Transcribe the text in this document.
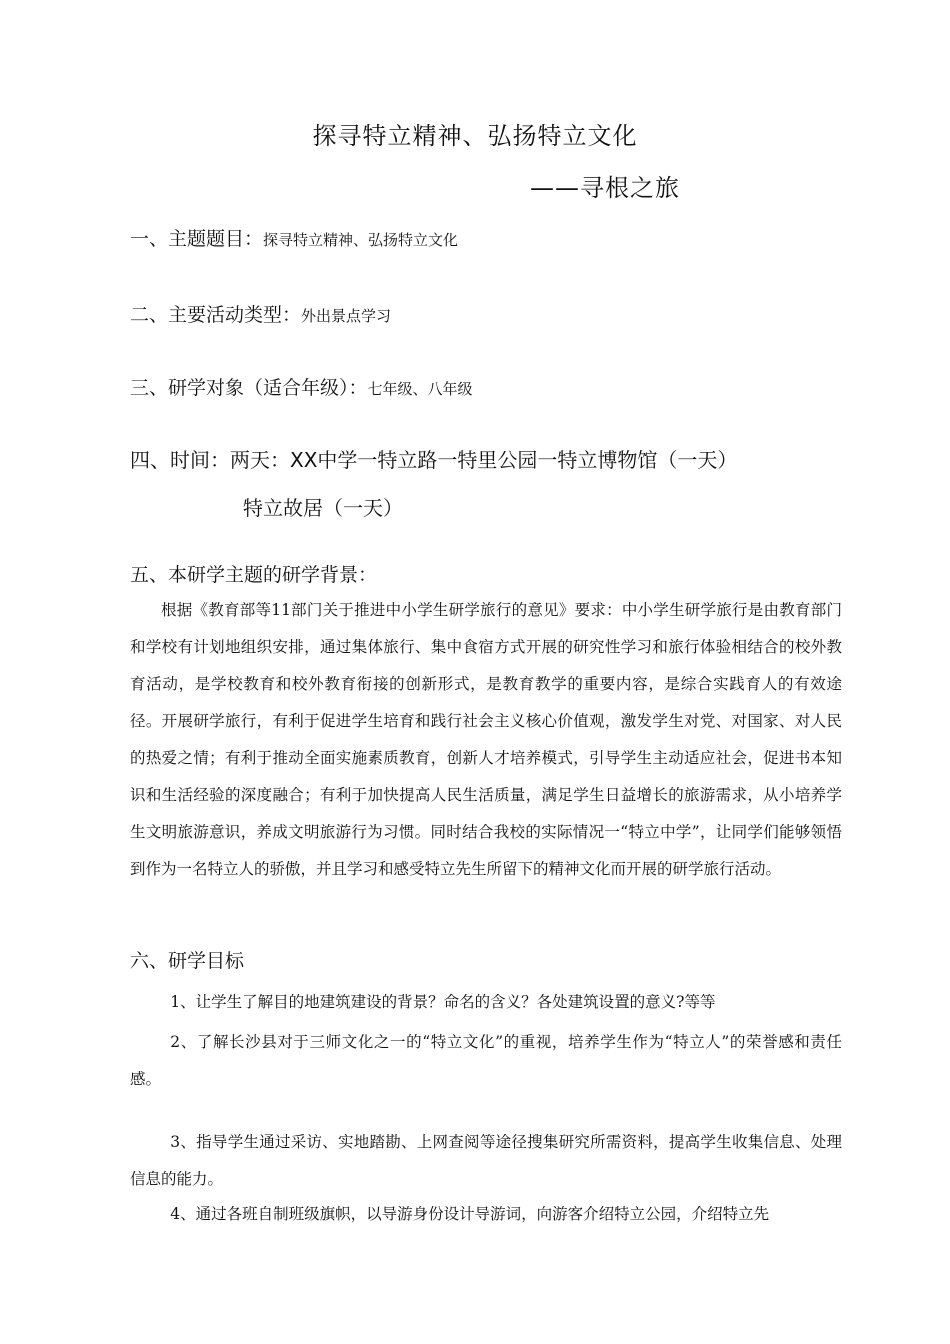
探寻特立精神、弘扬特立文化
——寻根之旅
一、主题题目：探寻特立精神、弘扬特立文化
二、主要活动类型：外出景点学习
三、研学对象（适合年级）：七年级、八年级
四、时间：两天：XX中学一特立路一特里公园一特立博物馆（一天）
特立故居（一天）
五、本研学主题的研学背景：
根据《教育部等11部门关于推进中小学生研学旅行的意见》要求：中小学生研学旅行是由教育部门和学校有计划地组织安排，通过集体旅行、集中食宿方式开展的研究性学习和旅行体验相结合的校外教育活动，是学校教育和校外教育衔接的创新形式，是教育教学的重要内容，是综合实践育人的有效途径。开展研学旅行，有利于促进学生培育和践行社会主义核心价值观，激发学生对党、对国家、对人民的热爱之情；有利于推动全面实施素质教育，创新人才培养模式，引导学生主动适应社会，促进书本知识和生活经验的深度融合；有利于加快提高人民生活质量，满足学生日益增长的旅游需求，从小培养学生文明旅游意识，养成文明旅游行为习惯。同时结合我校的实际情况一“特立中学”，让同学们能够领悟到作为一名特立人的骄傲，并且学习和感受特立先生所留下的精神文化而开展的研学旅行活动。
六、研学目标
1、让学生了解目的地建筑建设的背景？命名的含义？各处建筑设置的意义?等等
2、了解长沙县对于三师文化之一的“特立文化”的重视，培养学生作为“特立人”的荣誉感和责任感。
3、指导学生通过采访、实地踏勘、上网查阅等途径搜集研究所需资料，提高学生收集信息、处理信息的能力。
4、通过各班自制班级旗帜，以导游身份设计导游词，向游客介绍特立公园，介绍特立先
